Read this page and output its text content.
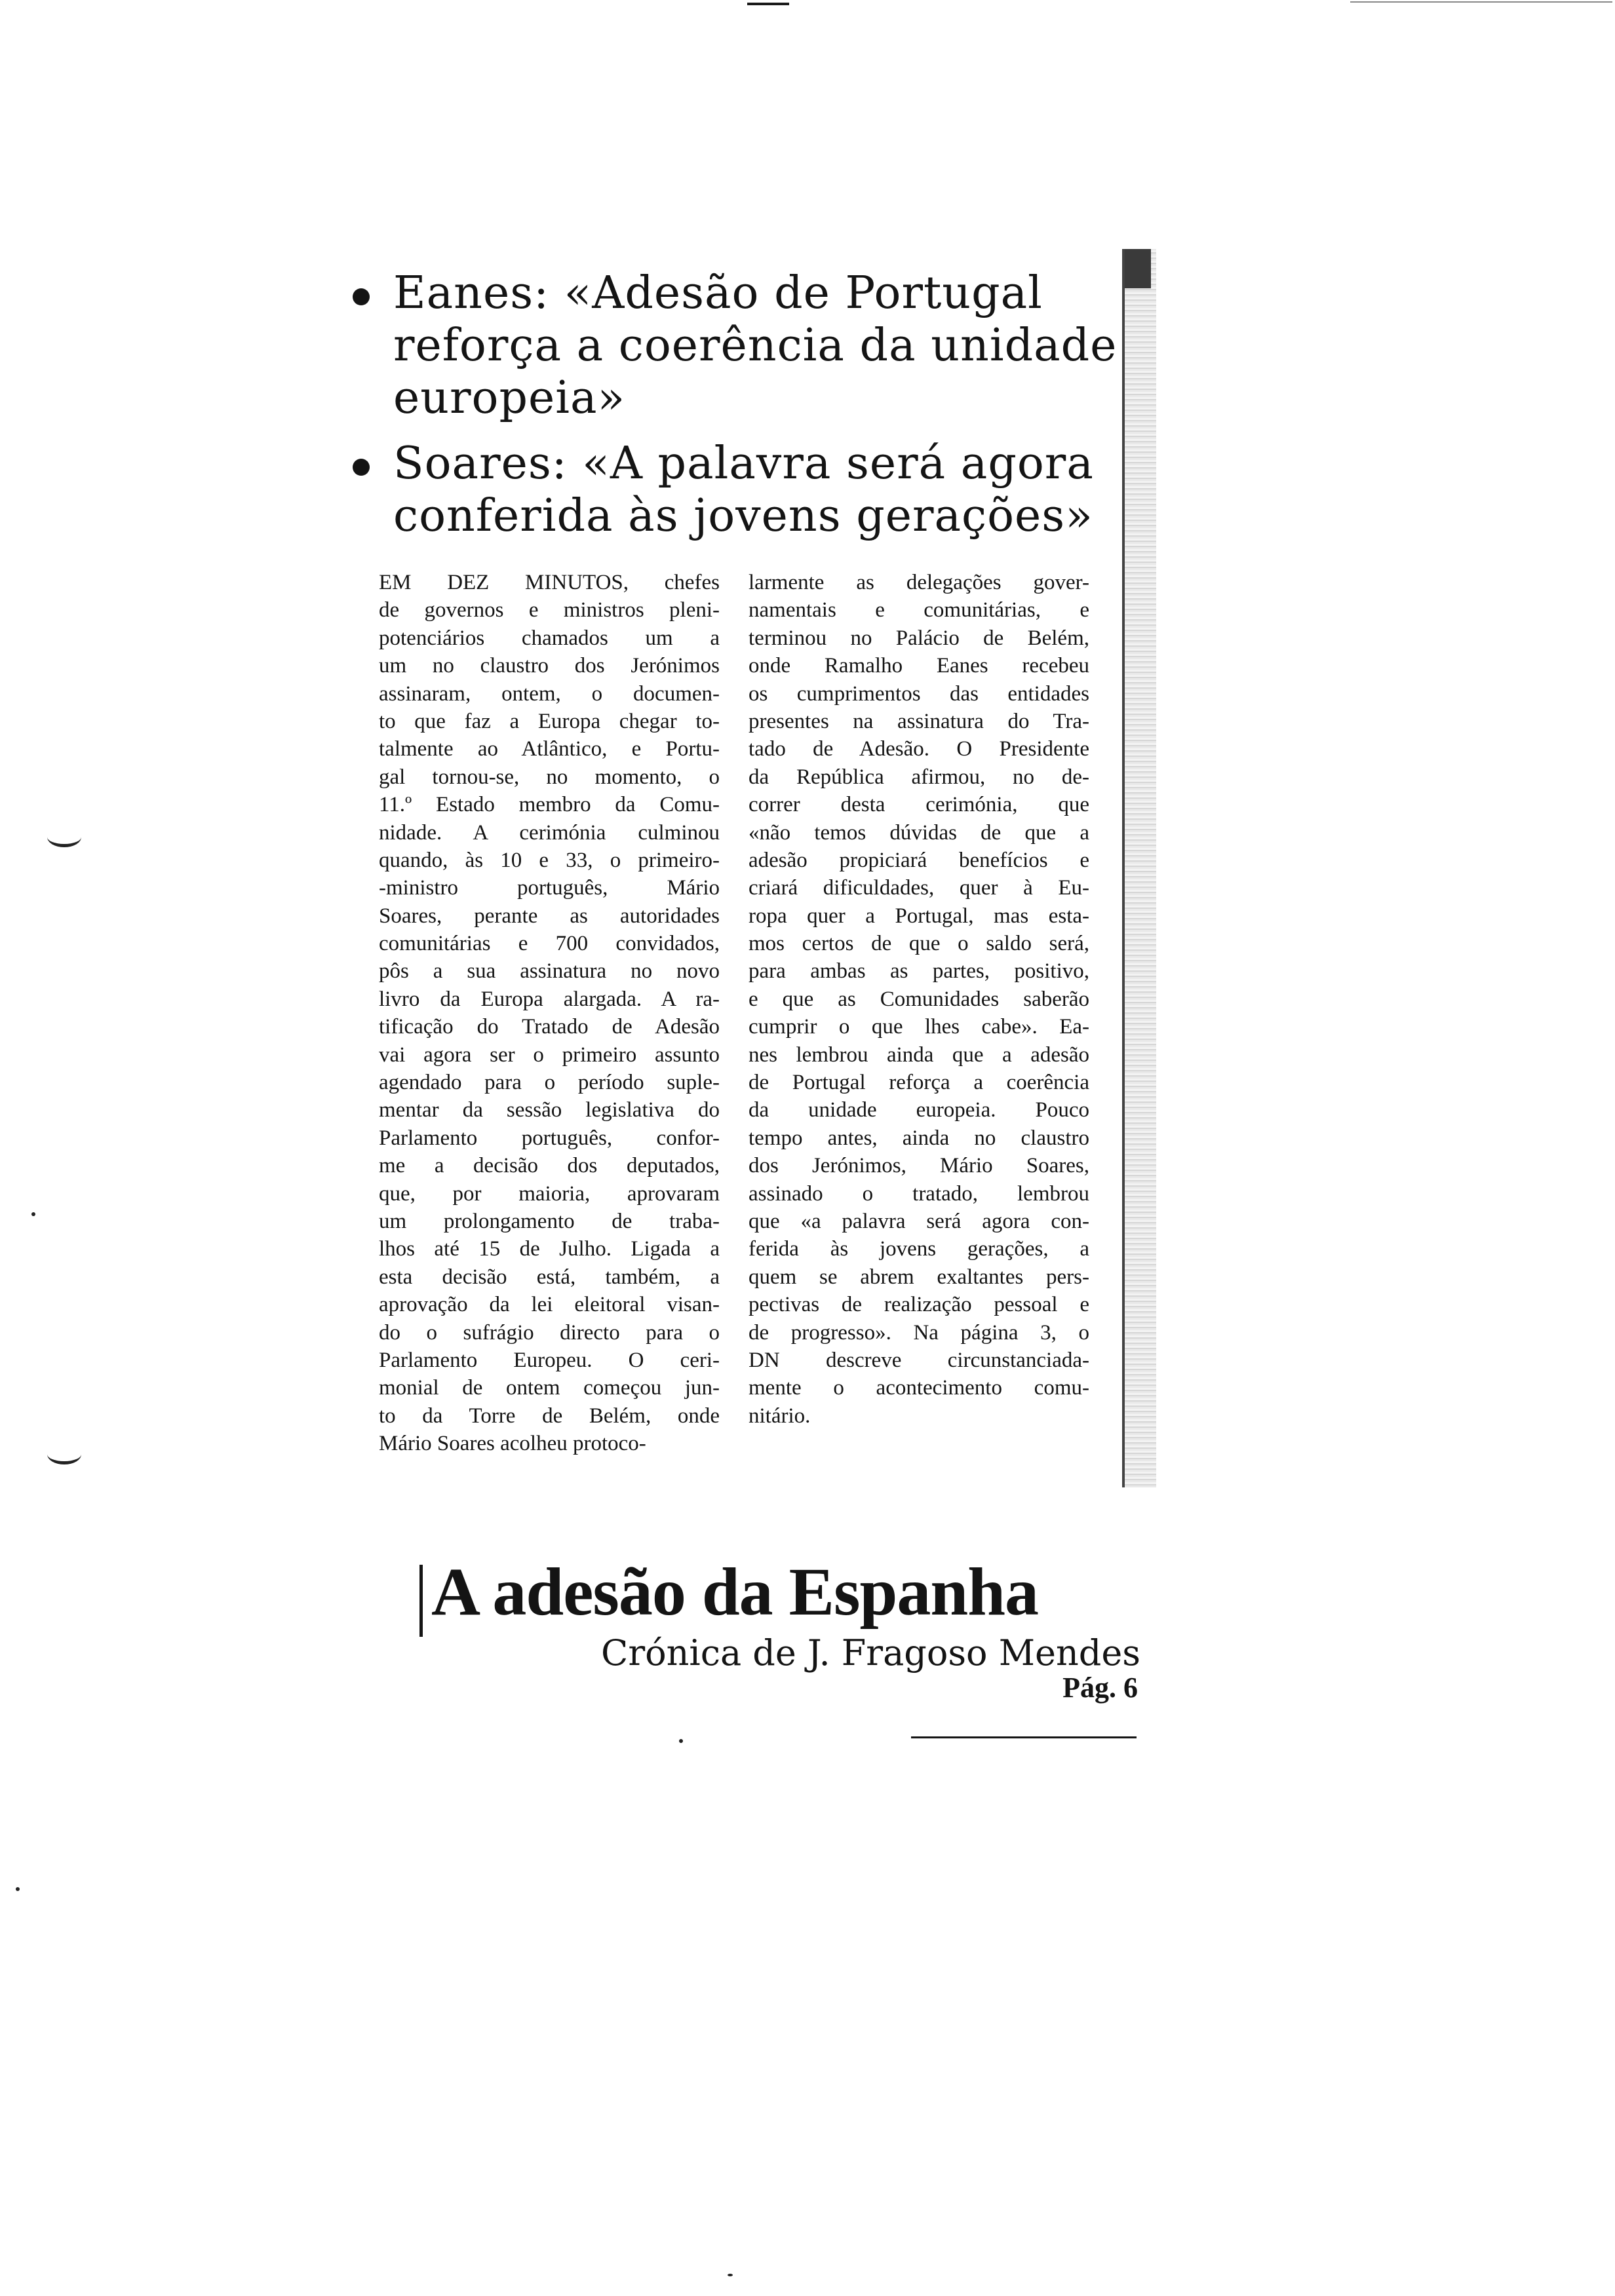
Eanes: «Adesão de Portugal
reforça a coerência da unidade
europeia»
Soares: «A palavra será agora
conferida às jovens gerações»
EM DEZ MINUTOS, chefes
de governos e ministros pleni-
potenciários chamados um a
um no claustro dos Jerónimos
assinaram, ontem, o documen-
to que faz a Europa chegar to-
talmente ao Atlântico, e Portu-
gal tornou-se, no momento, o
11.º Estado membro da Comu-
nidade. A cerimónia culminou
quando, às 10 e 33, o primeiro-
-ministro português, Mário
Soares, perante as autoridades
comunitárias e 700 convidados,
pôs a sua assinatura no novo
livro da Europa alargada. A ra-
tificação do Tratado de Adesão
vai agora ser o primeiro assunto
agendado para o período suple-
mentar da sessão legislativa do
Parlamento português, confor-
me a decisão dos deputados,
que, por maioria, aprovaram
um prolongamento de traba-
lhos até 15 de Julho. Ligada a
esta decisão está, também, a
aprovação da lei eleitoral visan-
do o sufrágio directo para o
Parlamento Europeu. O ceri-
monial de ontem começou jun-
to da Torre de Belém, onde
Mário Soares acolheu protoco-
larmente as delegações gover-
namentais e comunitárias, e
terminou no Palácio de Belém,
onde Ramalho Eanes recebeu
os cumprimentos das entidades
presentes na assinatura do Tra-
tado de Adesão. O Presidente
da República afirmou, no de-
correr desta cerimónia, que
«não temos dúvidas de que a
adesão propiciará benefícios e
criará dificuldades, quer à Eu-
ropa quer a Portugal, mas esta-
mos certos de que o saldo será,
para ambas as partes, positivo,
e que as Comunidades saberão
cumprir o que lhes cabe». Ea-
nes lembrou ainda que a adesão
de Portugal reforça a coerência
da unidade europeia. Pouco
tempo antes, ainda no claustro
dos Jerónimos, Mário Soares,
assinado o tratado, lembrou
que «a palavra será agora con-
ferida às jovens gerações, a
quem se abrem exaltantes pers-
pectivas de realização pessoal e
de progresso». Na página 3, o
DN descreve circunstanciada-
mente o acontecimento comu-
nitário.
A adesão da Espanha
Crónica de J. Fragoso Mendes
Pág. 6
